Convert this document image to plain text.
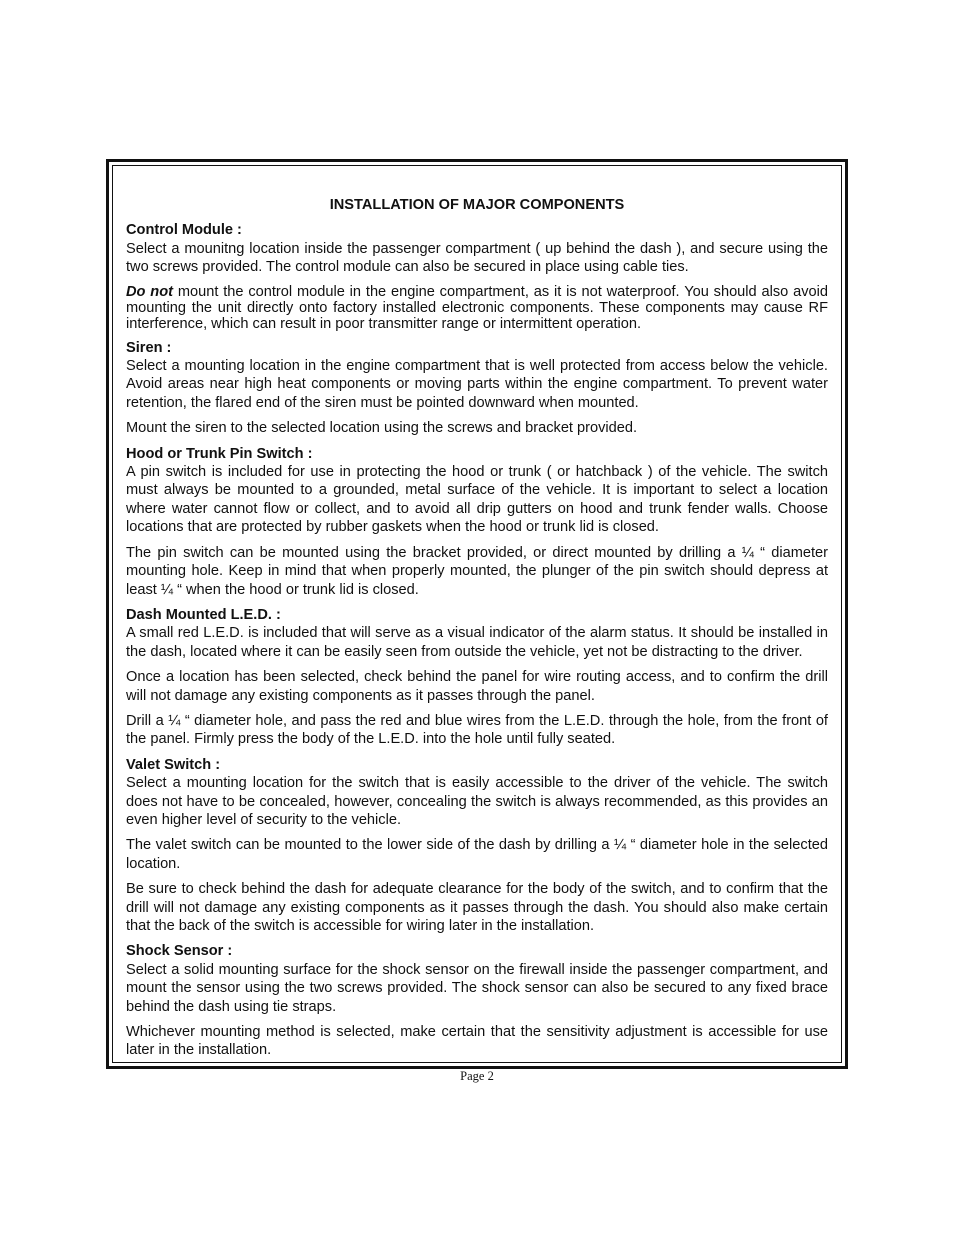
INSTALLATION OF MAJOR COMPONENTS
Control Module :

Select a mounitng location inside the passenger compartment ( up behind the dash ), and secure using the two screws provided. The control module can also be secured in place using cable ties.

Do not mount the control module in the engine compartment, as it is not waterproof. You should also avoid mounting the unit directly onto factory installed electronic components. These components may cause RF interference, which can result in poor transmitter range or intermittent operation.

Siren :

Select a mounting location in the engine compartment that is well protected from access below the vehicle. Avoid areas near high heat components or moving parts within the engine compartment. To prevent water retention, the flared end of the siren must be pointed downward when mounted.

Mount the siren to the selected location using the screws and bracket provided.

Hood or Trunk Pin Switch :

A pin switch is included for use in protecting the hood or trunk ( or hatchback ) of the vehicle. The switch must always be mounted to a grounded, metal surface of the vehicle. It is important to select a location where water cannot flow or collect, and to avoid all drip gutters on hood and trunk fender walls. Choose locations that are protected by rubber gaskets when the hood or trunk lid is closed.

The pin switch can be mounted using the bracket provided, or direct mounted by drilling a ¼ “ diameter mounting hole. Keep in mind that when properly mounted, the plunger of the pin switch should depress at least ¼ “ when the hood or trunk lid is closed.

Dash Mounted L.E.D. :

A small red L.E.D. is included that will serve as a visual indicator of the alarm status. It should be installed in the dash, located where it can be easily seen from outside the vehicle, yet not be distracting to the driver.

Once a location has been selected, check behind the panel for wire routing access, and to confirm the drill will not damage any existing components as it passes through the panel.

Drill a ¼ “ diameter hole, and pass the red and blue wires from the L.E.D. through the hole, from the front of the panel. Firmly press the body of the L.E.D. into the hole until fully seated.

Valet Switch :

Select a mounting location for the switch that is easily accessible to the driver of the vehicle. The switch does not have to be concealed, however, concealing the switch is always recommended, as this provides an even higher level of security to the vehicle.

The valet switch can be mounted to the lower side of the dash by drilling a ¼ “ diameter hole in the selected location.

Be sure to check behind the dash for adequate clearance for the body of the switch, and to confirm that the drill will not damage any existing components as it passes through the dash. You should also make certain that the back of the switch is accessible for wiring later in the installation.

Shock Sensor :

Select a solid mounting surface for the shock sensor on the firewall inside the passenger compartment, and mount the sensor using the two screws provided. The shock sensor can also be secured to any fixed brace behind the dash using tie straps.

Whichever mounting method is selected, make certain that the sensitivity adjustment is accessible for use later in the installation.

Page 2
